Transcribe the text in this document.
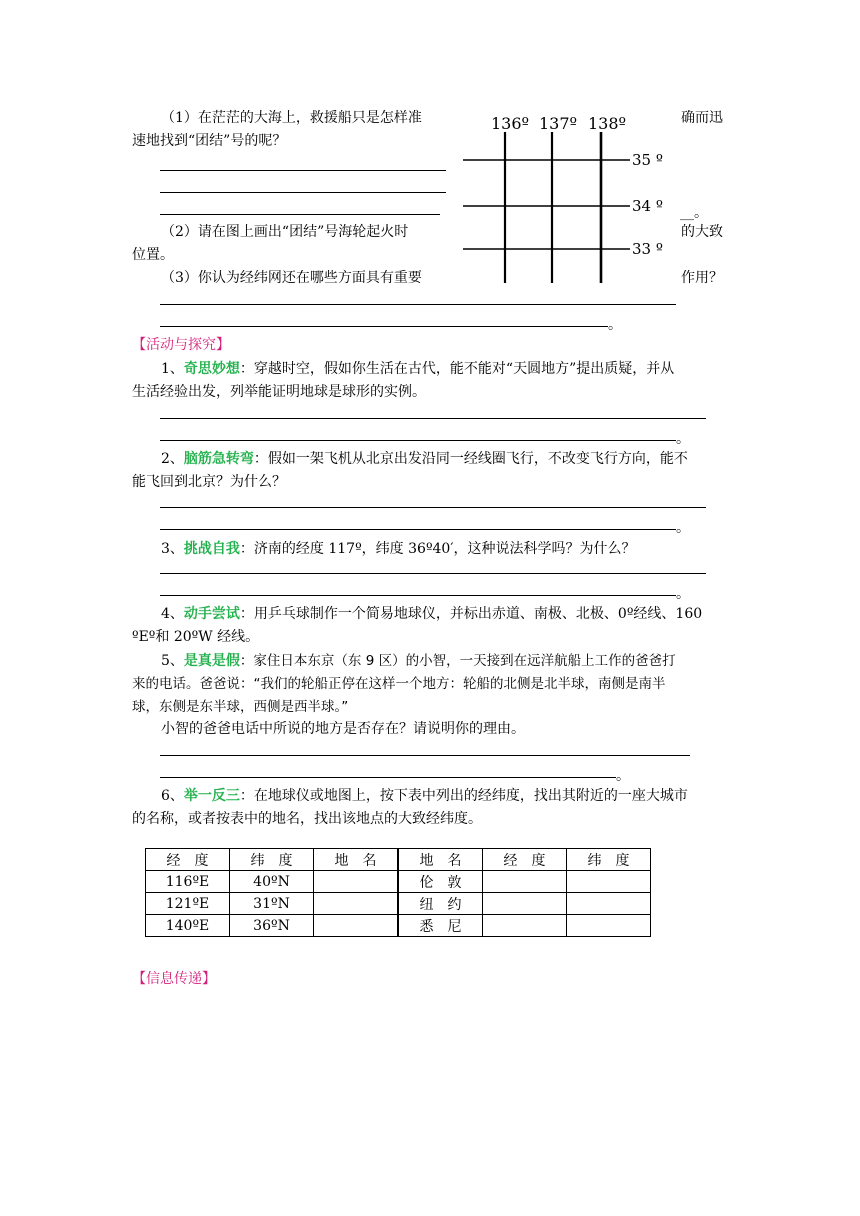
（1）在茫茫的大海上，救援船只是怎样准	确而迅
速地找到“团结”号的呢？
__。
（2）请在图上画出“团结”号海轮起火时	的大致
位置。
（3）你认为经纬网还在哪些方面具有重要	作用？
。
136º 137º 138º
35 º
34 º
33 º
【活动与探究】
1、奇思妙想：穿越时空，假如你生活在古代，能不能对“天圆地方”提出质疑，并从
生活经验出发，列举能证明地球是球形的实例。
。
2、脑筋急转弯：假如一架飞机从北京出发沿同一经线圈飞行，不改变飞行方向，能不
能飞回到北京？为什么？
。
3、挑战自我：济南的经度 117º，纬度 36º40′，这种说法科学吗？为什么？
。
4、动手尝试：用乒乓球制作一个简易地球仪，并标出赤道、南极、北极、0º经线、160
ºEº和 20ºW 经线。
5、是真是假：家住日本东京（东 9 区）的小智，一天接到在远洋航船上工作的爸爸打
来的电话。爸爸说：“我们的轮船正停在这样一个地方：轮船的北侧是北半球，南侧是南半
球，东侧是东半球，西侧是西半球。”
小智的爸爸电话中所说的地方是否存在？请说明你的理由。
。
6、举一反三：在地球仪或地图上，按下表中列出的经纬度，找出其附近的一座大城市
的名称，或者按表中的地名，找出该地点的大致经纬度。
经　度	纬　度	地　名	地　名	经　度	纬　度
116ºE	40ºN		伦　敦		
121ºE	31ºN		纽　约		
140ºE	36ºN		悉　尼		
【信息传递】
